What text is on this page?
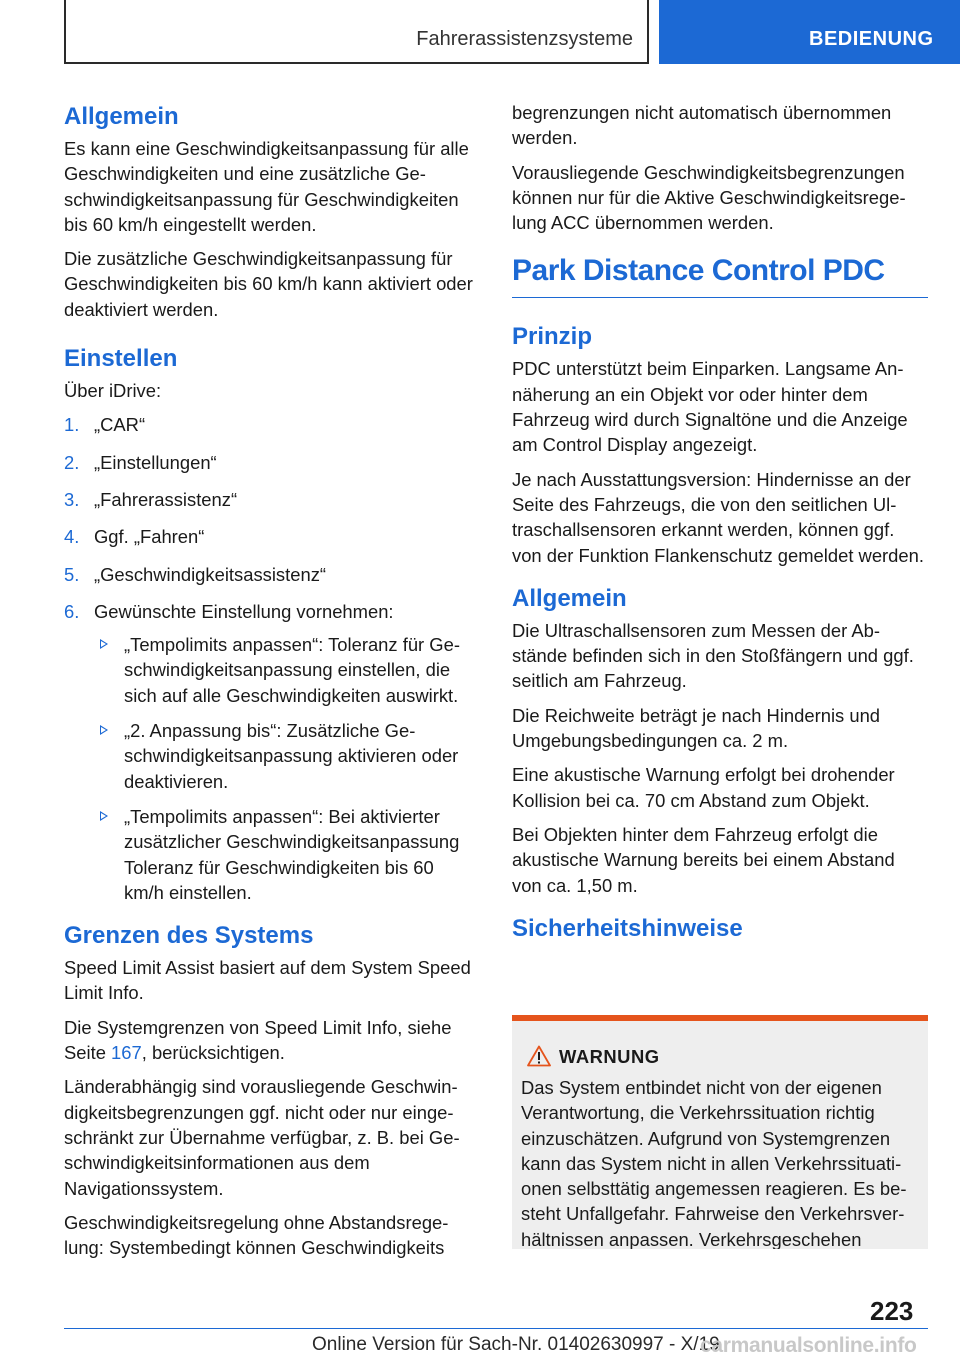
Fahrerassistenzsysteme	BEDIENUNG
Allgemein

Es kann eine Geschwindigkeitsanpassung für alle Geschwindigkeiten und eine zusätzliche Geschwindigkeitsanpassung für Geschwindigkeiten bis 60 km/h eingestellt werden.

Die zusätzliche Geschwindigkeitsanpassung für Geschwindigkeiten bis 60 km/h kann aktiviert oder deaktiviert werden.

Einstellen

Über iDrive:

1. „CAR“
2. „Einstellungen“
3. „Fahrerassistenz“
4. Ggf. „Fahren“
5. „Geschwindigkeitsassistenz“
6. Gewünschte Einstellung vornehmen:
„Tempolimits anpassen“: Toleranz für Geschwindigkeitsanpassung einstellen, die sich auf alle Geschwindigkeiten auswirkt.
„2. Anpassung bis“: Zusätzliche Geschwindigkeitsanpassung aktivieren oder deaktivieren.
„Tempolimits anpassen“: Bei aktivierter zusätzlicher Geschwindigkeitsanpassung Toleranz für Geschwindigkeiten bis 60 km/h einstellen.
Grenzen des Systems

Speed Limit Assist basiert auf dem System Speed Limit Info.

Die Systemgrenzen von Speed Limit Info, siehe Seite 167, berücksichtigen.

Länderabhängig sind vorausliegende Geschwindigkeitsbegrenzungen ggf. nicht oder nur eingeschränkt zur Übernahme verfügbar, z. B. bei Geschwindigkeitsinformationen aus dem Navigationssystem.

Geschwindigkeitsregelung ohne Abstandsregelung: Systembedingt können Geschwindigkeits

begrenzungen nicht automatisch übernommen werden.

Vorausliegende Geschwindigkeitsbegrenzungen können nur für die Aktive Geschwindigkeitsregelung ACC übernommen werden.

Park Distance Control PDC
Prinzip

PDC unterstützt beim Einparken. Langsame Annäherung an ein Objekt vor oder hinter dem Fahrzeug wird durch Signaltöne und die Anzeige am Control Display angezeigt.

Je nach Ausstattungsversion: Hindernisse an der Seite des Fahrzeugs, die von den seitlichen Ultraschallsensoren erkannt werden, können ggf. von der Funktion Flankenschutz gemeldet werden.

Allgemein

Die Ultraschallsensoren zum Messen der Abstände befinden sich in den Stoßfängern und ggf. seitlich am Fahrzeug.

Die Reichweite beträgt je nach Hindernis und Umgebungsbedingungen ca. 2 m.

Eine akustische Warnung erfolgt bei drohender Kollision bei ca. 70 cm Abstand zum Objekt.

Bei Objekten hinter dem Fahrzeug erfolgt die akustische Warnung bereits bei einem Abstand von ca. 1,50 m.

Sicherheitshinweise
WARNUNG

Das System entbindet nicht von der eigenen Verantwortung, die Verkehrssituation richtig einzuschätzen. Aufgrund von Systemgrenzen kann das System nicht in allen Verkehrssituationen selbsttätig angemessen reagieren. Es besteht Unfallgefahr. Fahrweise den Verkehrsverhältnissen anpassen. Verkehrsgeschehen

223
Online Version für Sach-Nr. 01402630997 - X/19
carmanualsonline.info
